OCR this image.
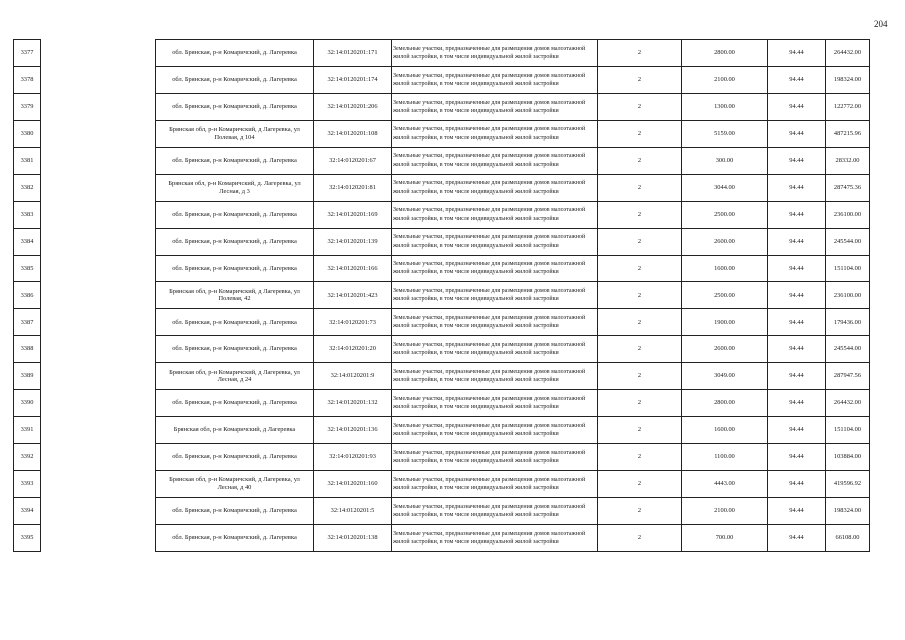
204
3377		обл. Брянская, р-н Комаричский, д. Лагеревка	32:14:0120201:171	Земельные участки, предназначенные для размещения домов малоэтажной жилой застройки, в том числе индивидуальной жилой застройки	2	2800.00	94.44	264432.00
3378		обл. Брянская, р-н Комаричский, д. Лагеревка	32:14:0120201:174	Земельные участки, предназначенные для размещения домов малоэтажной жилой застройки, в том числе индивидуальной жилой застройки	2	2100.00	94.44	198324.00
3379		обл. Брянская, р-н Комаричский, д. Лагеревка	32:14:0120201:206	Земельные участки, предназначенные для размещения домов малоэтажной жилой застройки, в том числе индивидуальной жилой застройки	2	1300.00	94.44	122772.00
3380		Брянская обл, р-н Комаричский, д Лагеревка, ул Полевая, д 104	32:14:0120201:108	Земельные участки, предназначенные для размещения домов малоэтажной жилой застройки, в том числе индивидуальной жилой застройки	2	5159.00	94.44	487215.96
3381		обл. Брянская, р-н Комаричский, д. Лагеревка	32:14:0120201:67	Земельные участки, предназначенные для размещения домов малоэтажной жилой застройки, в том числе индивидуальной жилой застройки	2	300.00	94.44	28332.00
3382		Брянская обл, р-н Комаричский, д. Лагеревка, ул Лесная, д 3	32:14:0120201:81	Земельные участки, предназначенные для размещения домов малоэтажной жилой застройки, в том числе индивидуальной жилой застройки	2	3044.00	94.44	287475.36
3383		обл. Брянская, р-н Комаричский, д. Лагеревка	32:14:0120201:169	Земельные участки, предназначенные для размещения домов малоэтажной жилой застройки, в том числе индивидуальной жилой застройки	2	2500.00	94.44	236100.00
3384		обл. Брянская, р-н Комаричский, д. Лагеревка	32:14:0120201:139	Земельные участки, предназначенные для размещения домов малоэтажной жилой застройки, в том числе индивидуальной жилой застройки	2	2600.00	94.44	245544.00
3385		обл. Брянская, р-н Комаричский, д. Лагеревка	32:14:0120201:166	Земельные участки, предназначенные для размещения домов малоэтажной жилой застройки, в том числе индивидуальной жилой застройки	2	1600.00	94.44	151104.00
3386		Брянская обл, р-н Комаричский, д Лагеревка, ул Полевая, 42	32:14:0120201:423	Земельные участки, предназначенные для размещения домов малоэтажной жилой застройки, в том числе индивидуальной жилой застройки	2	2500.00	94.44	236100.00
3387		обл. Брянская, р-н Комаричский, д. Лагеревка	32:14:0120201:73	Земельные участки, предназначенные для размещения домов малоэтажной жилой застройки, в том числе индивидуальной жилой застройки	2	1900.00	94.44	179436.00
3388		обл. Брянская, р-н Комаричский, д. Лагеревка	32:14:0120201:20	Земельные участки, предназначенные для размещения домов малоэтажной жилой застройки, в том числе индивидуальной жилой застройки	2	2600.00	94.44	245544.00
3389		Брянская обл, р-н Комаричский, д Лагеревка, ул Лесная, д 24	32:14:0120201:9	Земельные участки, предназначенные для размещения домов малоэтажной жилой застройки, в том числе индивидуальной жилой застройки	2	3049.00	94.44	287947.56
3390		обл. Брянская, р-н Комаричский, д. Лагеревка	32:14:0120201:132	Земельные участки, предназначенные для размещения домов малоэтажной жилой застройки, в том числе индивидуальной жилой застройки	2	2800.00	94.44	264432.00
3391		Брянская обл, р-н Комаричский, д Лагеревка	32:14:0120201:136	Земельные участки, предназначенные для размещения домов малоэтажной жилой застройки, в том числе индивидуальной жилой застройки	2	1600.00	94.44	151104.00
3392		обл. Брянская, р-н Комаричский, д. Лагеревка	32:14:0120201:93	Земельные участки, предназначенные для размещения домов малоэтажной жилой застройки, в том числе индивидуальной жилой застройки	2	1100.00	94.44	103884.00
3393		Брянская обл, р-н Комаричский, д Лагеревка, ул Лесная, д 40	32:14:0120201:160	Земельные участки, предназначенные для размещения домов малоэтажной жилой застройки, в том числе индивидуальной жилой застройки	2	4443.00	94.44	419596.92
3394		обл. Брянская, р-н Комаричский, д. Лагеревка	32:14:0120201:5	Земельные участки, предназначенные для размещения домов малоэтажной жилой застройки, в том числе индивидуальной жилой застройки	2	2100.00	94.44	198324.00
3395		обл. Брянская, р-н Комаричский, д. Лагеревка	32:14:0120201:138	Земельные участки, предназначенные для размещения домов малоэтажной жилой застройки, в том числе индивидуальной жилой застройки	2	700.00	94.44	66108.00
